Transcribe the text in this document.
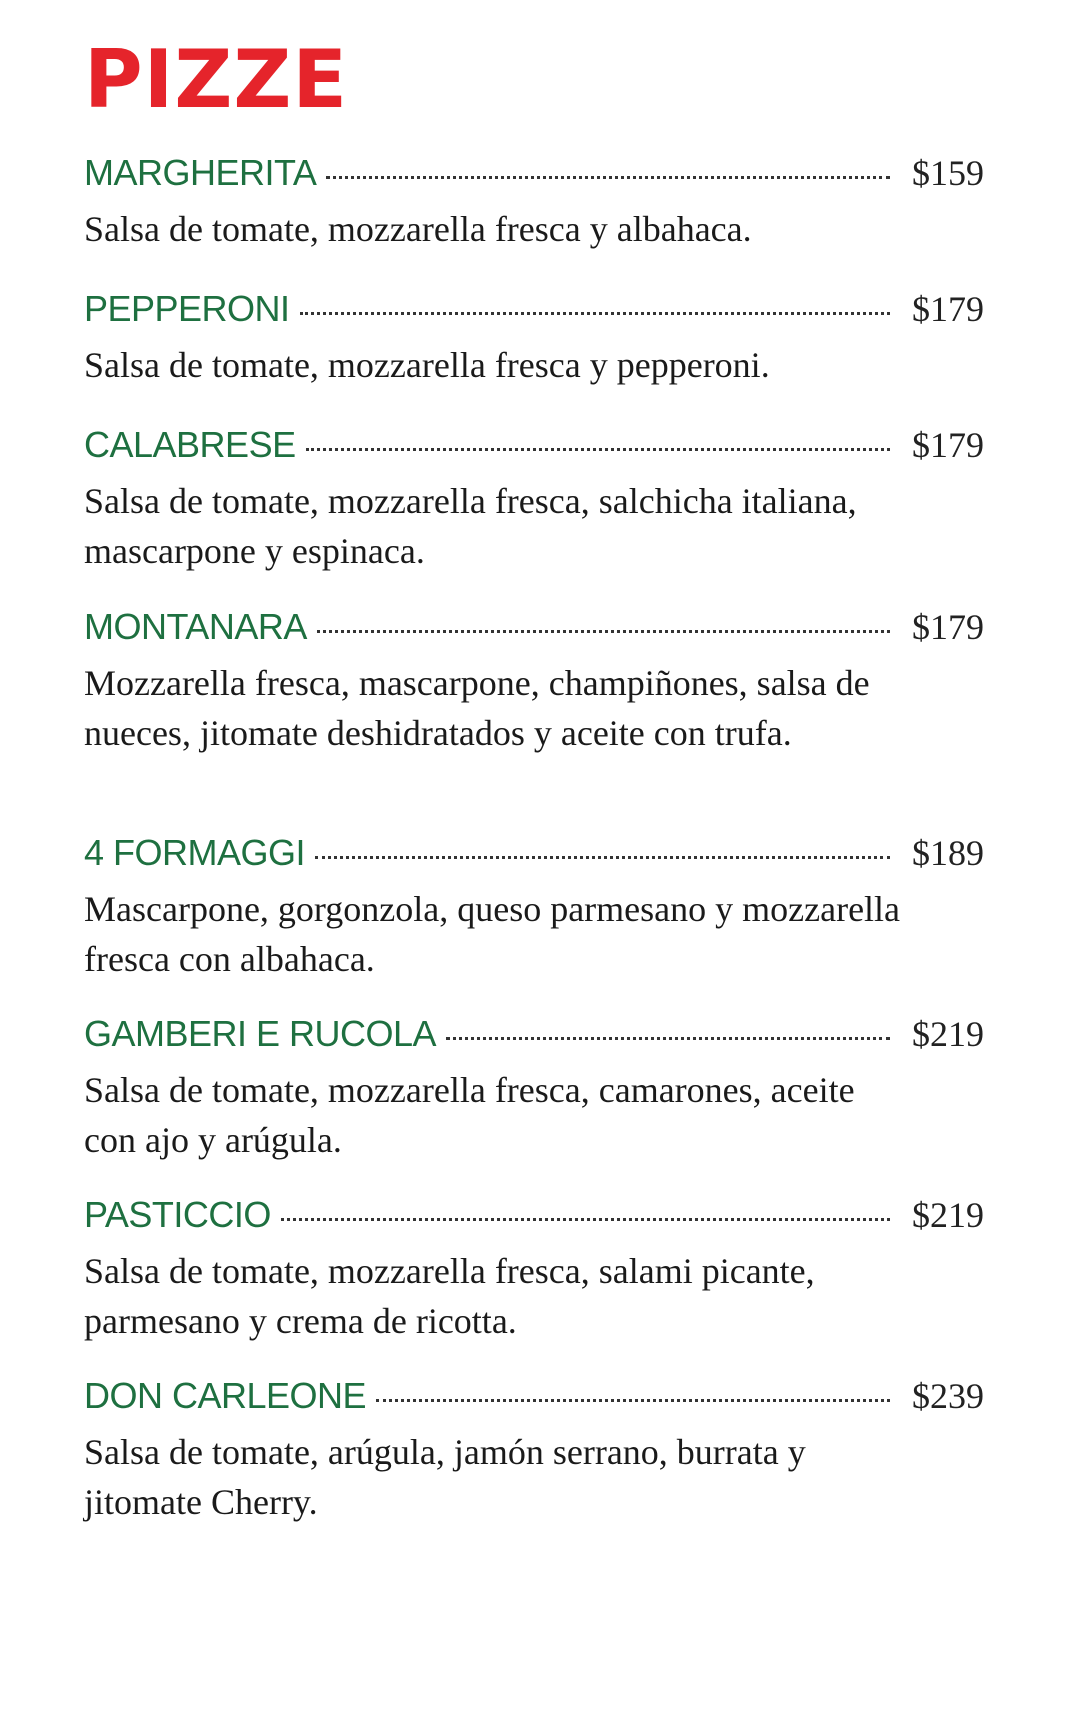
PIZZE
MARGHERITA	$159

Salsa de tomate, mozzarella fresca y albahaca.

PEPPERONI	$179

Salsa de tomate, mozzarella fresca y pepperoni.

CALABRESE	$179

Salsa de tomate, mozzarella fresca, salchicha italiana, mascarpone y espinaca.

MONTANARA	$179

Mozzarella fresca, mascarpone, champiñones, salsa de nueces, jitomate deshidratados y aceite con trufa.

4 FORMAGGI	$189

Mascarpone, gorgonzola, queso parmesano y mozzarella fresca con albahaca.

GAMBERI E RUCOLA	$219

Salsa de tomate, mozzarella fresca, camarones, aceite con ajo y arúgula.

PASTICCIO	$219

Salsa de tomate, mozzarella fresca, salami picante, parmesano y crema de ricotta.

DON CARLEONE	$239

Salsa de tomate, arúgula, jamón serrano, burrata y jitomate Cherry.
